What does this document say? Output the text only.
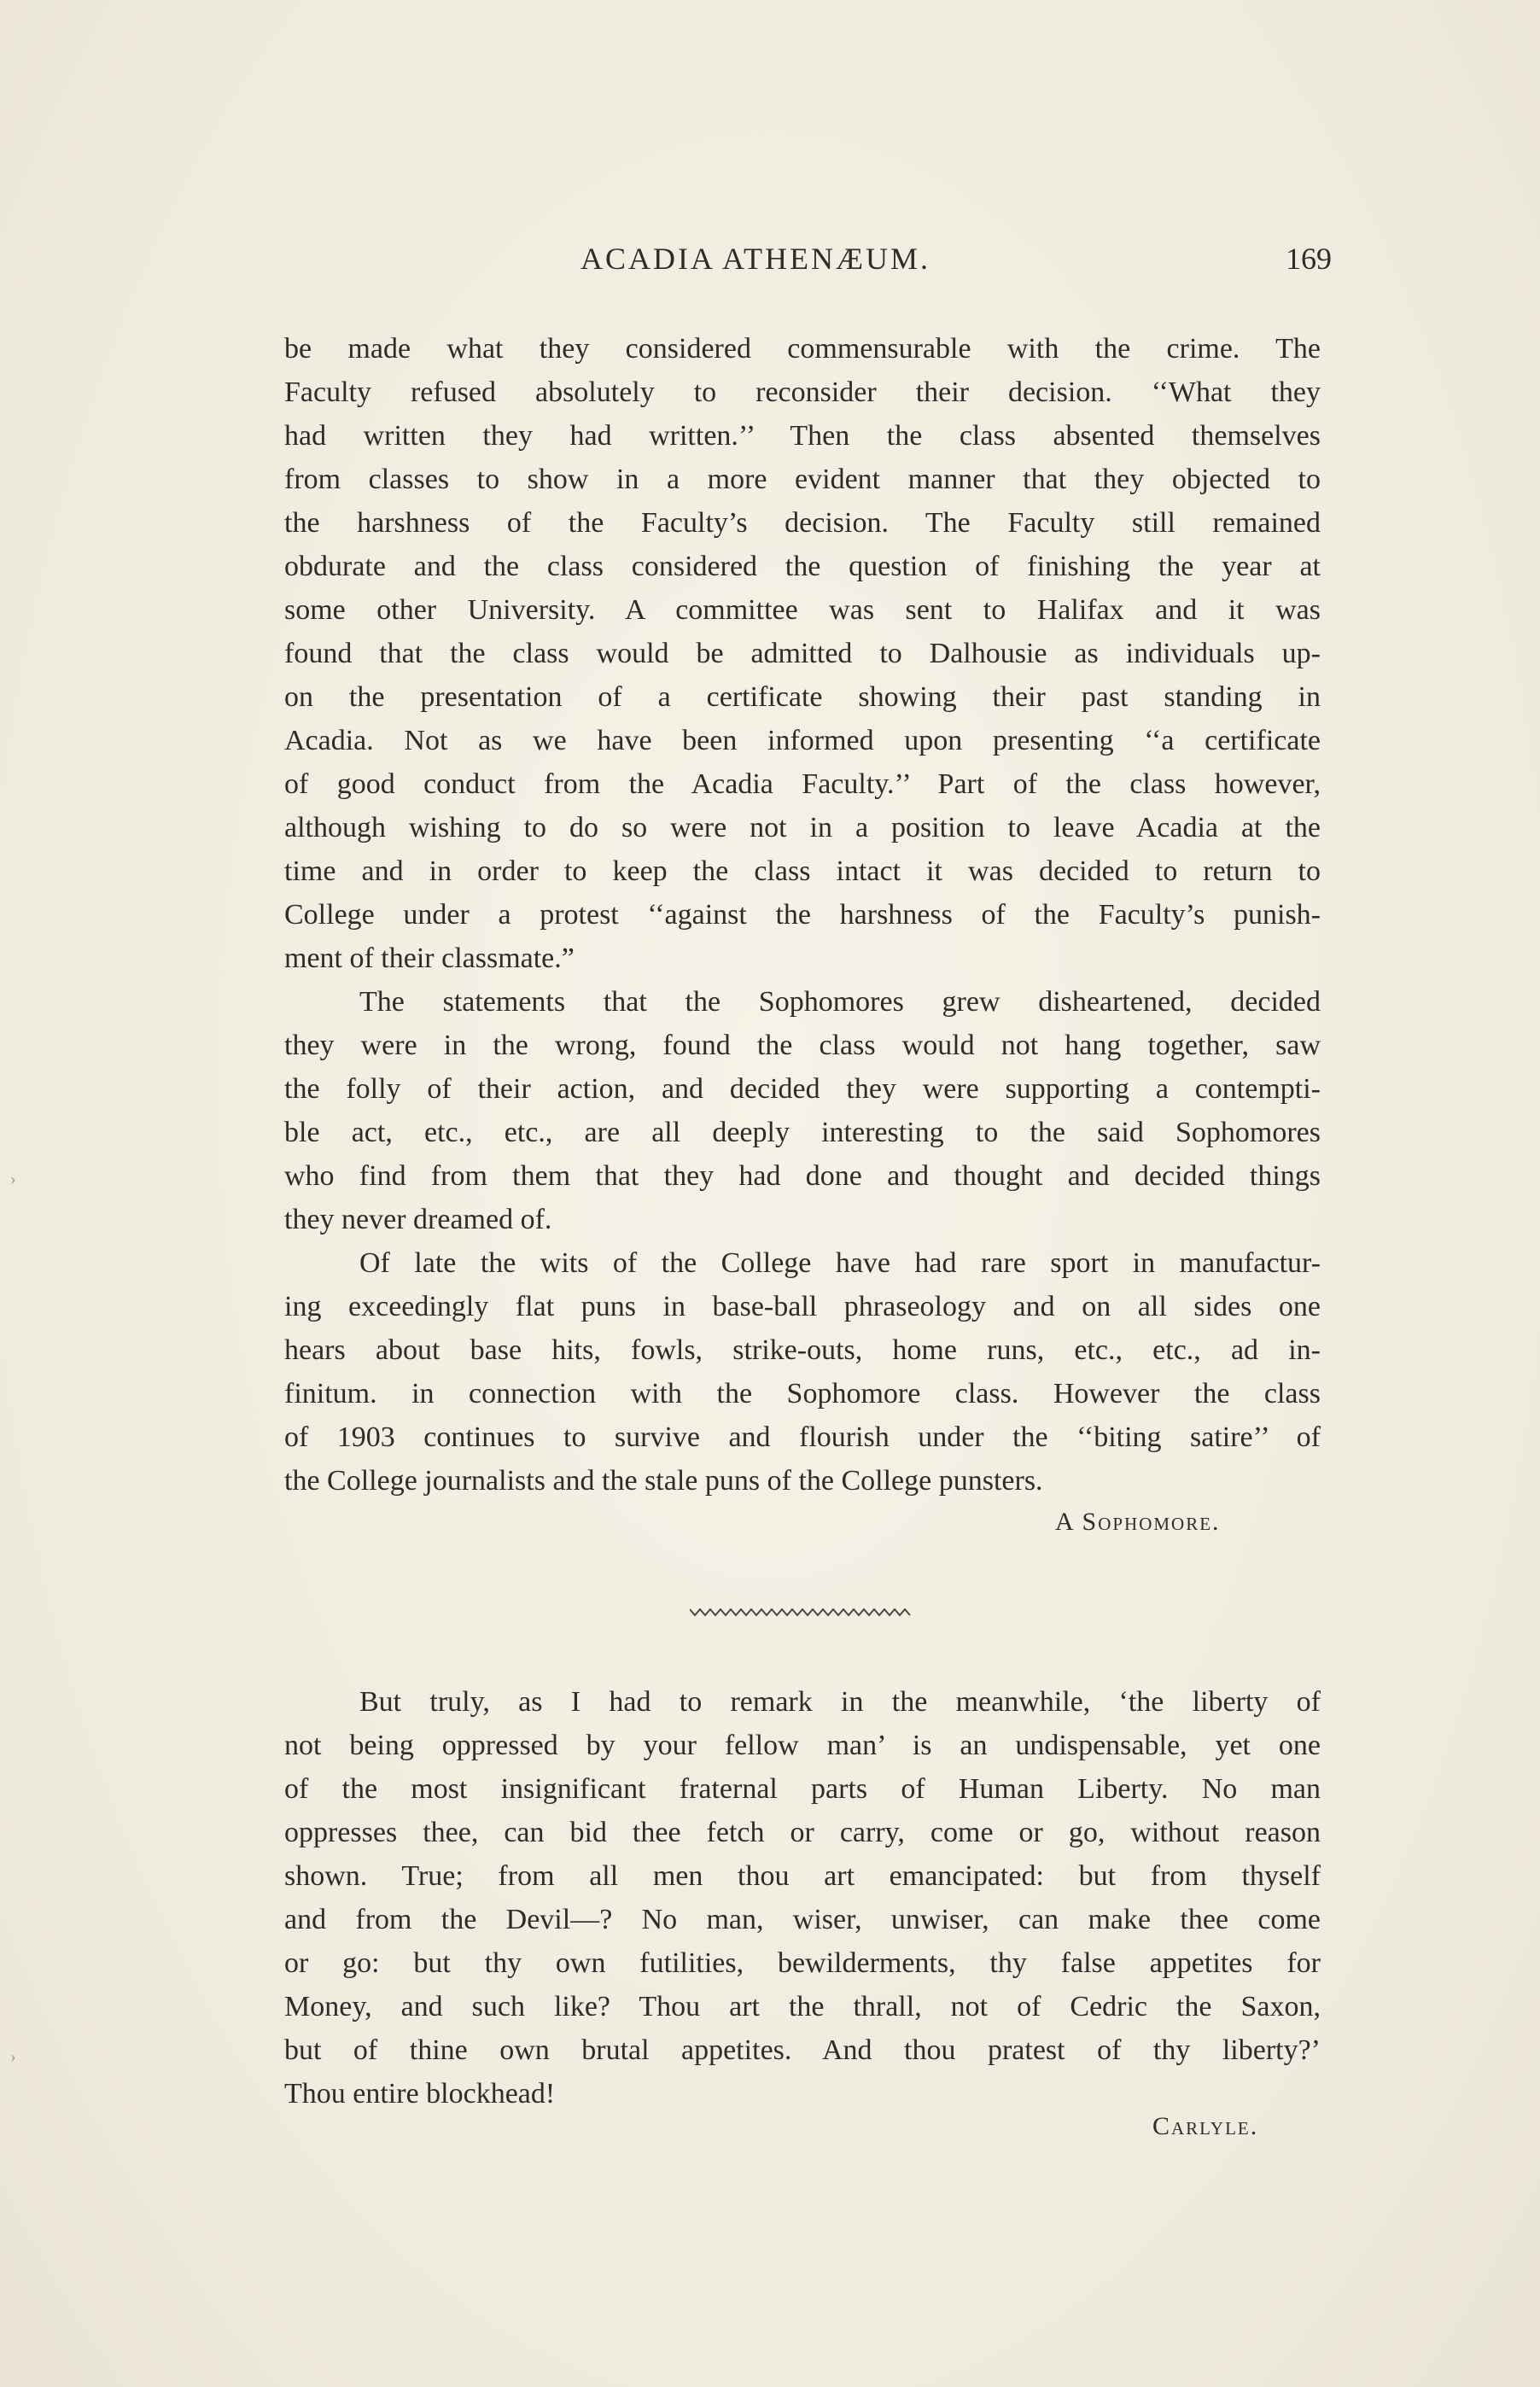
ACADIA ATHENÆUM.	169
be made what they considered commensurable with the crime. The
Faculty refused absolutely to reconsider their decision. ‘‘What they
had written they had written.’’ Then the class absented themselves
from classes to show in a more evident manner that they objected to
the harshness of the Faculty’s decision. The Faculty still remained
obdurate and the class considered the question of finishing the year at
some other University. A committee was sent to Halifax and it was
found that the class would be admitted to Dalhousie as individuals up-
on the presentation of a certificate showing their past standing in
Acadia. Not as we have been informed upon presenting ‘‘a certificate
of good conduct from the Acadia Faculty.’’ Part of the class however,
although wishing to do so were not in a position to leave Acadia at the
time and in order to keep the class intact it was decided to return to
College under a protest ‘‘against the harshness of the Faculty’s punish-
ment of their classmate.”
The statements that the Sophomores grew disheartened, decided
they were in the wrong, found the class would not hang together, saw
the folly of their action, and decided they were supporting a contempti-
ble act, etc., etc., are all deeply interesting to the said Sophomores
who find from them that they had done and thought and decided things
they never dreamed of.
Of late the wits of the College have had rare sport in manufactur-
ing exceedingly flat puns in base-ball phraseology and on all sides one
hears about base hits, fowls, strike-outs, home runs, etc., etc., ad in-
finitum. in connection with the Sophomore class. However the class
of 1903 continues to survive and flourish under the ‘‘biting satire’’ of
the College journalists and the stale puns of the College punsters.
A Sophomore.
But truly, as I had to remark in the meanwhile, ‘the liberty of
not being oppressed by your fellow man’ is an undispensable, yet one
of the most insignificant fraternal parts of Human Liberty. No man
oppresses thee, can bid thee fetch or carry, come or go, without reason
shown. True; from all men thou art emancipated: but from thyself
and from the Devil—? No man, wiser, unwiser, can make thee come
or go: but thy own futilities, bewilderments, thy false appetites for
Money, and such like? Thou art the thrall, not of Cedric the Saxon,
but of thine own brutal appetites. And thou pratest of thy liberty?’
Thou entire blockhead!
Carlyle.
›
›
